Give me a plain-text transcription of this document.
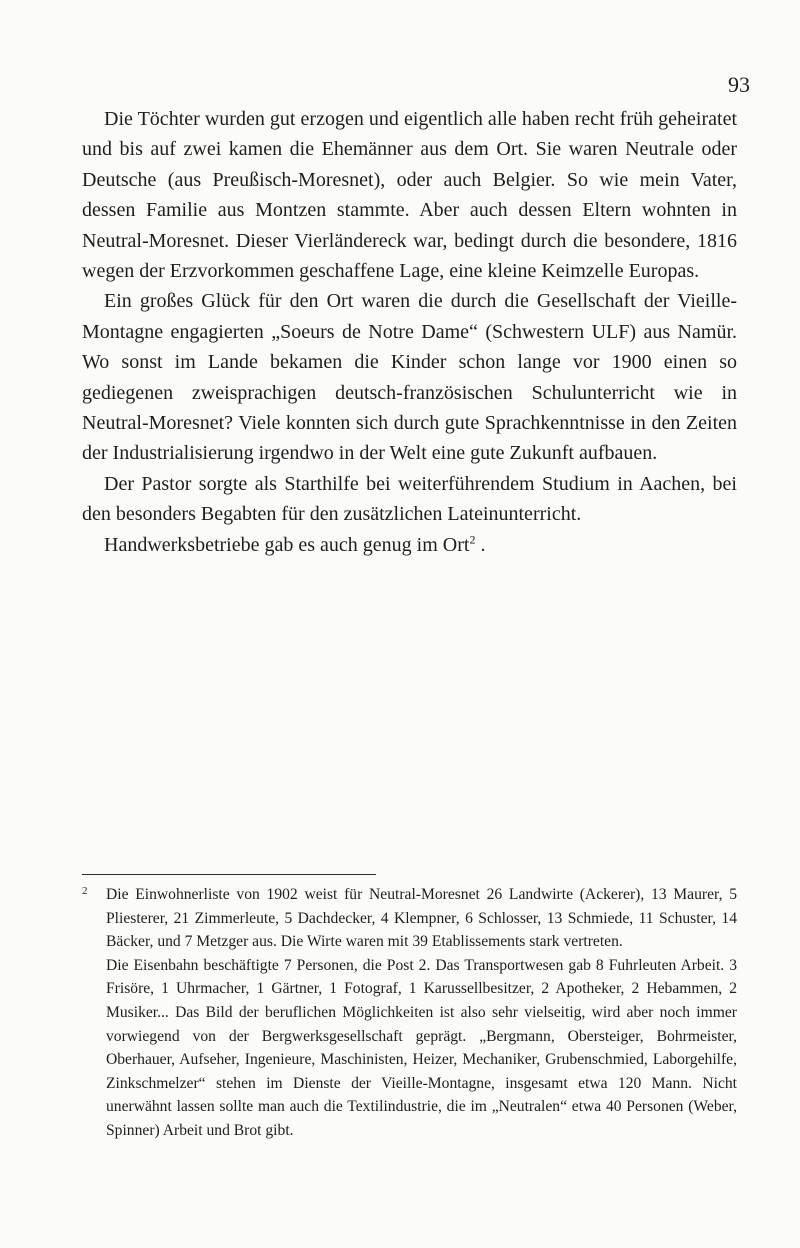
93

Die Töchter wurden gut erzogen und eigentlich alle haben recht früh geheiratet und bis auf zwei kamen die Ehemänner aus dem Ort. Sie waren Neutrale oder Deutsche (aus Preußisch-Moresnet), oder auch Belgier. So wie mein Vater, dessen Familie aus Montzen stammte. Aber auch dessen Eltern wohnten in Neutral-Moresnet. Dieser Vierländereck war, bedingt durch die besondere, 1816 wegen der Erzvorkommen geschaffene Lage, eine kleine Keimzelle Europas.

Ein großes Glück für den Ort waren die durch die Gesellschaft der Vieille-Montagne engagierten „Soeurs de Notre Dame“ (Schwestern ULF) aus Namür. Wo sonst im Lande bekamen die Kinder schon lange vor 1900 einen so gediegenen zweisprachigen deutsch-französischen Schulunterricht wie in Neutral-Moresnet? Viele konnten sich durch gute Sprachkenntnisse in den Zeiten der Industrialisierung irgendwo in der Welt eine gute Zukunft aufbauen.

Der Pastor sorgte als Starthilfe bei weiterführendem Studium in Aachen, bei den besonders Begabten für den zusätzlichen Lateinunterricht.

Handwerksbetriebe gab es auch genug im Ort$^2$ .

2 Die Einwohnerliste von 1902 weist für Neutral-Moresnet 26 Landwirte (Ackerer), 13 Maurer, 5 Pliesterer, 21 Zimmerleute, 5 Dachdecker, 4 Klempner, 6 Schlosser, 13 Schmiede, 11 Schuster, 14 Bäcker, und 7 Metzger aus. Die Wirte waren mit 39 Etablissements stark vertreten.

Die Eisenbahn beschäftigte 7 Personen, die Post 2. Das Transportwesen gab 8 Fuhrleuten Arbeit. 3 Frisöre, 1 Uhrmacher, 1 Gärtner, 1 Fotograf, 1 Karussellbesitzer, 2 Apotheker, 2 Hebammen, 2 Musiker... Das Bild der beruflichen Möglichkeiten ist also sehr vielseitig, wird aber noch immer vorwiegend von der Bergwerksgesellschaft geprägt. „Bergmann, Obersteiger, Bohrmeister, Oberhauer, Aufseher, Ingenieure, Maschinisten, Heizer, Mechaniker, Grubenschmied, Laborgehilfe, Zinkschmelzer“ stehen im Dienste der Vieille-Montagne, insgesamt etwa 120 Mann. Nicht unerwähnt lassen sollte man auch die Textilindustrie, die im „Neutralen“ etwa 40 Personen (Weber, Spinner) Arbeit und Brot gibt.
